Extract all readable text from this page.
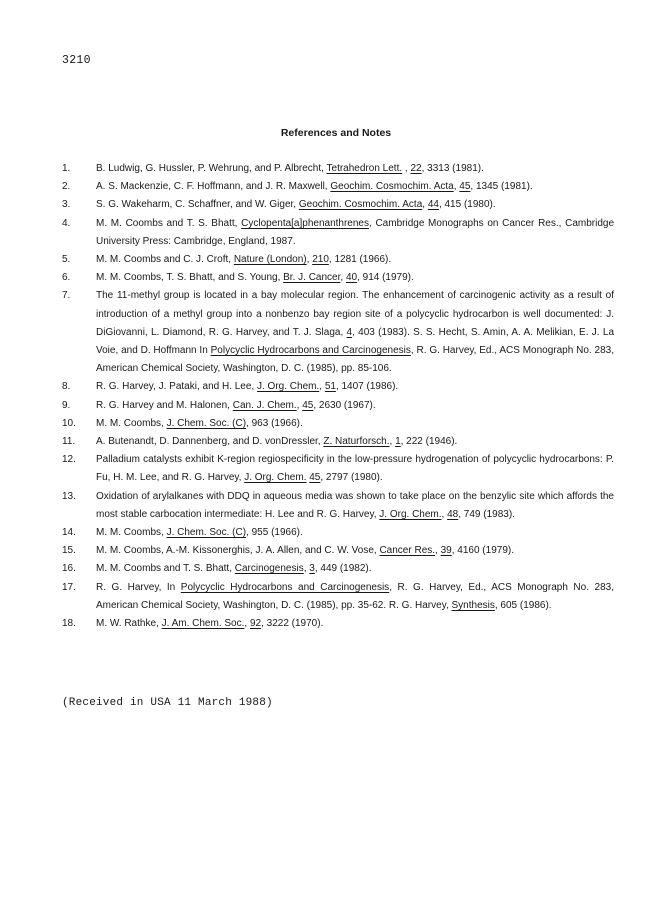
3210
References and Notes
1.	B. Ludwig, G. Hussler, P. Wehrung, and P. Albrecht, Tetrahedron Lett. , 22, 3313 (1981).
2.	A. S. Mackenzie, C. F. Hoffmann, and J. R. Maxwell, Geochim. Cosmochim. Acta, 45, 1345 (1981).
3.	S. G. Wakeharm, C. Schaffner, and W. Giger, Geochim. Cosmochim. Acta, 44, 415 (1980).
4.	M. M. Coombs and T. S. Bhatt, Cyclopenta[a]phenanthrenes, Cambridge Monographs on Cancer Res., Cambridge University Press: Cambridge, England, 1987.
5.	M. M. Coombs and C. J. Croft, Nature (London), 210, 1281 (1966).
6.	M. M. Coombs, T. S. Bhatt, and S. Young, Br. J. Cancer, 40, 914 (1979).
7.	The 11-methyl group is located in a bay molecular region. The enhancement of carcinogenic activity as a result of introduction of a methyl group into a nonbenzo bay region site of a polycyclic hydrocarbon is well documented: J. DiGiovanni, L. Diamond, R. G. Harvey, and T. J. Slaga, 4, 403 (1983). S. S. Hecht, S. Amin, A. A. Melikian, E. J. La Voie, and D. Hoffmann In Polycyclic Hydrocarbons and Carcinogenesis, R. G. Harvey, Ed., ACS Monograph No. 283, American Chemical Society, Washington, D. C. (1985), pp. 85-106.
8.	R. G. Harvey, J. Pataki, and H. Lee, J. Org. Chem., 51, 1407 (1986).
9.	R. G. Harvey and M. Halonen, Can. J. Chem., 45, 2630 (1967).
10.	M. M. Coombs, J. Chem. Soc. (C), 963 (1966).
11.	A. Butenandt, D. Dannenberg, and D. vonDressler, Z. Naturforsch., 1, 222 (1946).
12.	Palladium catalysts exhibit K-region regiospecificity in the low-pressure hydrogenation of polycyclic hydrocarbons: P. Fu, H. M. Lee, and R. G. Harvey, J. Org. Chem. 45, 2797 (1980).
13.	Oxidation of arylalkanes with DDQ in aqueous media was shown to take place on the benzylic site which affords the most stable carbocation intermediate: H. Lee and R. G. Harvey, J. Org. Chem., 48, 749 (1983).
14.	M. M. Coombs, J. Chem. Soc. (C), 955 (1966).
15.	M. M. Coombs, A.-M. Kissonerghis, J. A. Allen, and C. W. Vose, Cancer Res., 39, 4160 (1979).
16.	M. M. Coombs and T. S. Bhatt, Carcinogenesis, 3, 449 (1982).
17.	R. G. Harvey, In Polycyclic Hydrocarbons and Carcinogenesis, R. G. Harvey, Ed., ACS Monograph No. 283, American Chemical Society, Washington, D. C. (1985), pp. 35-62. R. G. Harvey, Synthesis, 605 (1986).
18.	M. W. Rathke, J. Am. Chem. Soc., 92, 3222 (1970).
(Received in USA 11 March 1988)
